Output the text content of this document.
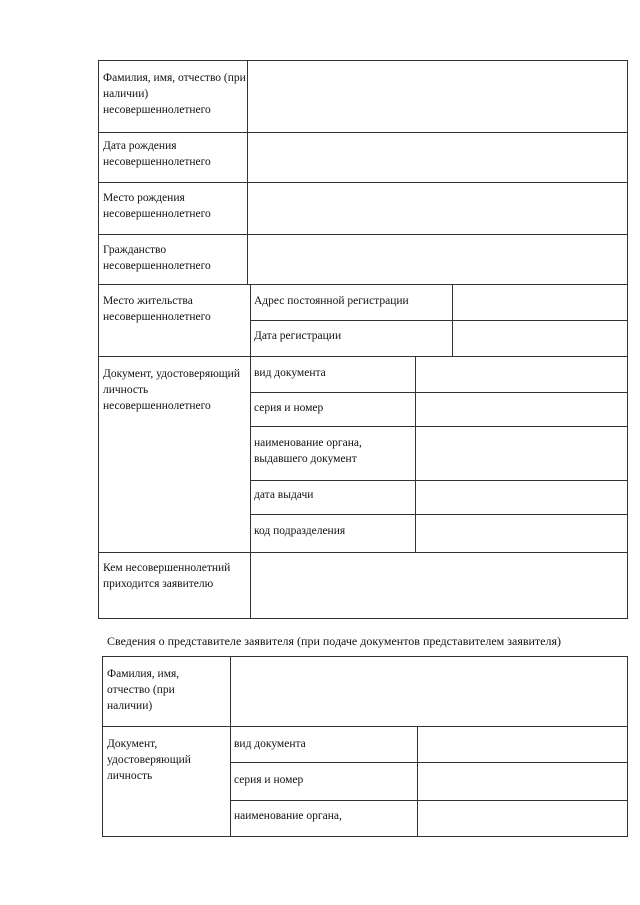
Фамилия, имя, отчество (при наличии) несовершеннолетнего
Дата рождения несовершеннолетнего
Место рождения несовершеннолетнего
Гражданство несовершеннолетнего
Место жительства несовершеннолетнего
Адрес постоянной регистрации
Дата регистрации
Документ, удостоверяющий личность несовершеннолетнего
вид документа
серия и номер
наименование органа, выдавшего документ
дата выдачи
код подразделения
Кем несовершеннолетний приходится заявителю
Сведения о представителе заявителя (при подаче документов представителем заявителя)
Фамилия, имя, отчество (при наличии)
Документ, удостоверяющий личность
вид документа
серия и номер
наименование органа,
